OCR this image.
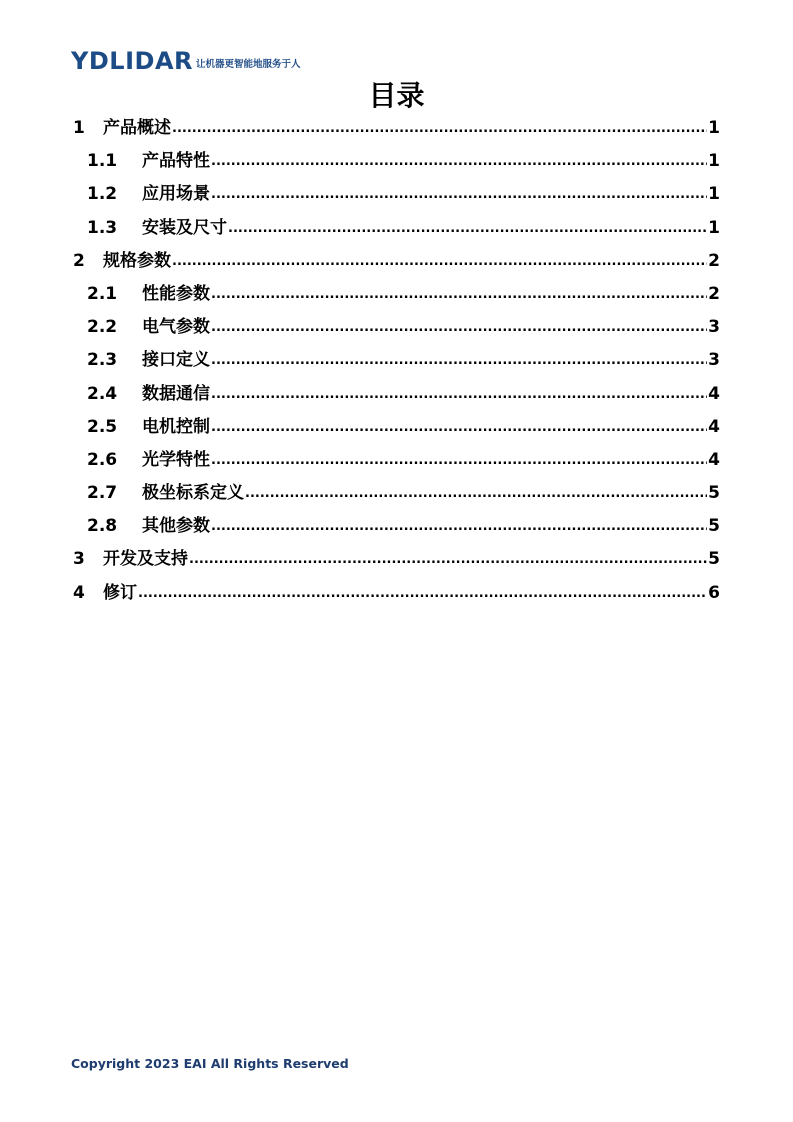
YDLIDAR 让机器更智能地服务于人
目录
1	产品概述 .....	1
1.1	产品特性 .....	1
1.2	应用场景 .....	1
1.3	安装及尺寸 .....	1
2	规格参数 .....	2
2.1	性能参数 .....	2
2.2	电气参数 .....	3
2.3	接口定义 .....	3
2.4	数据通信 .....	4
2.5	电机控制 .....	4
2.6	光学特性 .....	4
2.7	极坐标系定义 .....	5
2.8	其他参数 .....	5
3	开发及支持 .....	5
4	修订 .....	6
Copyright 2023 EAI All Rights Reserved
